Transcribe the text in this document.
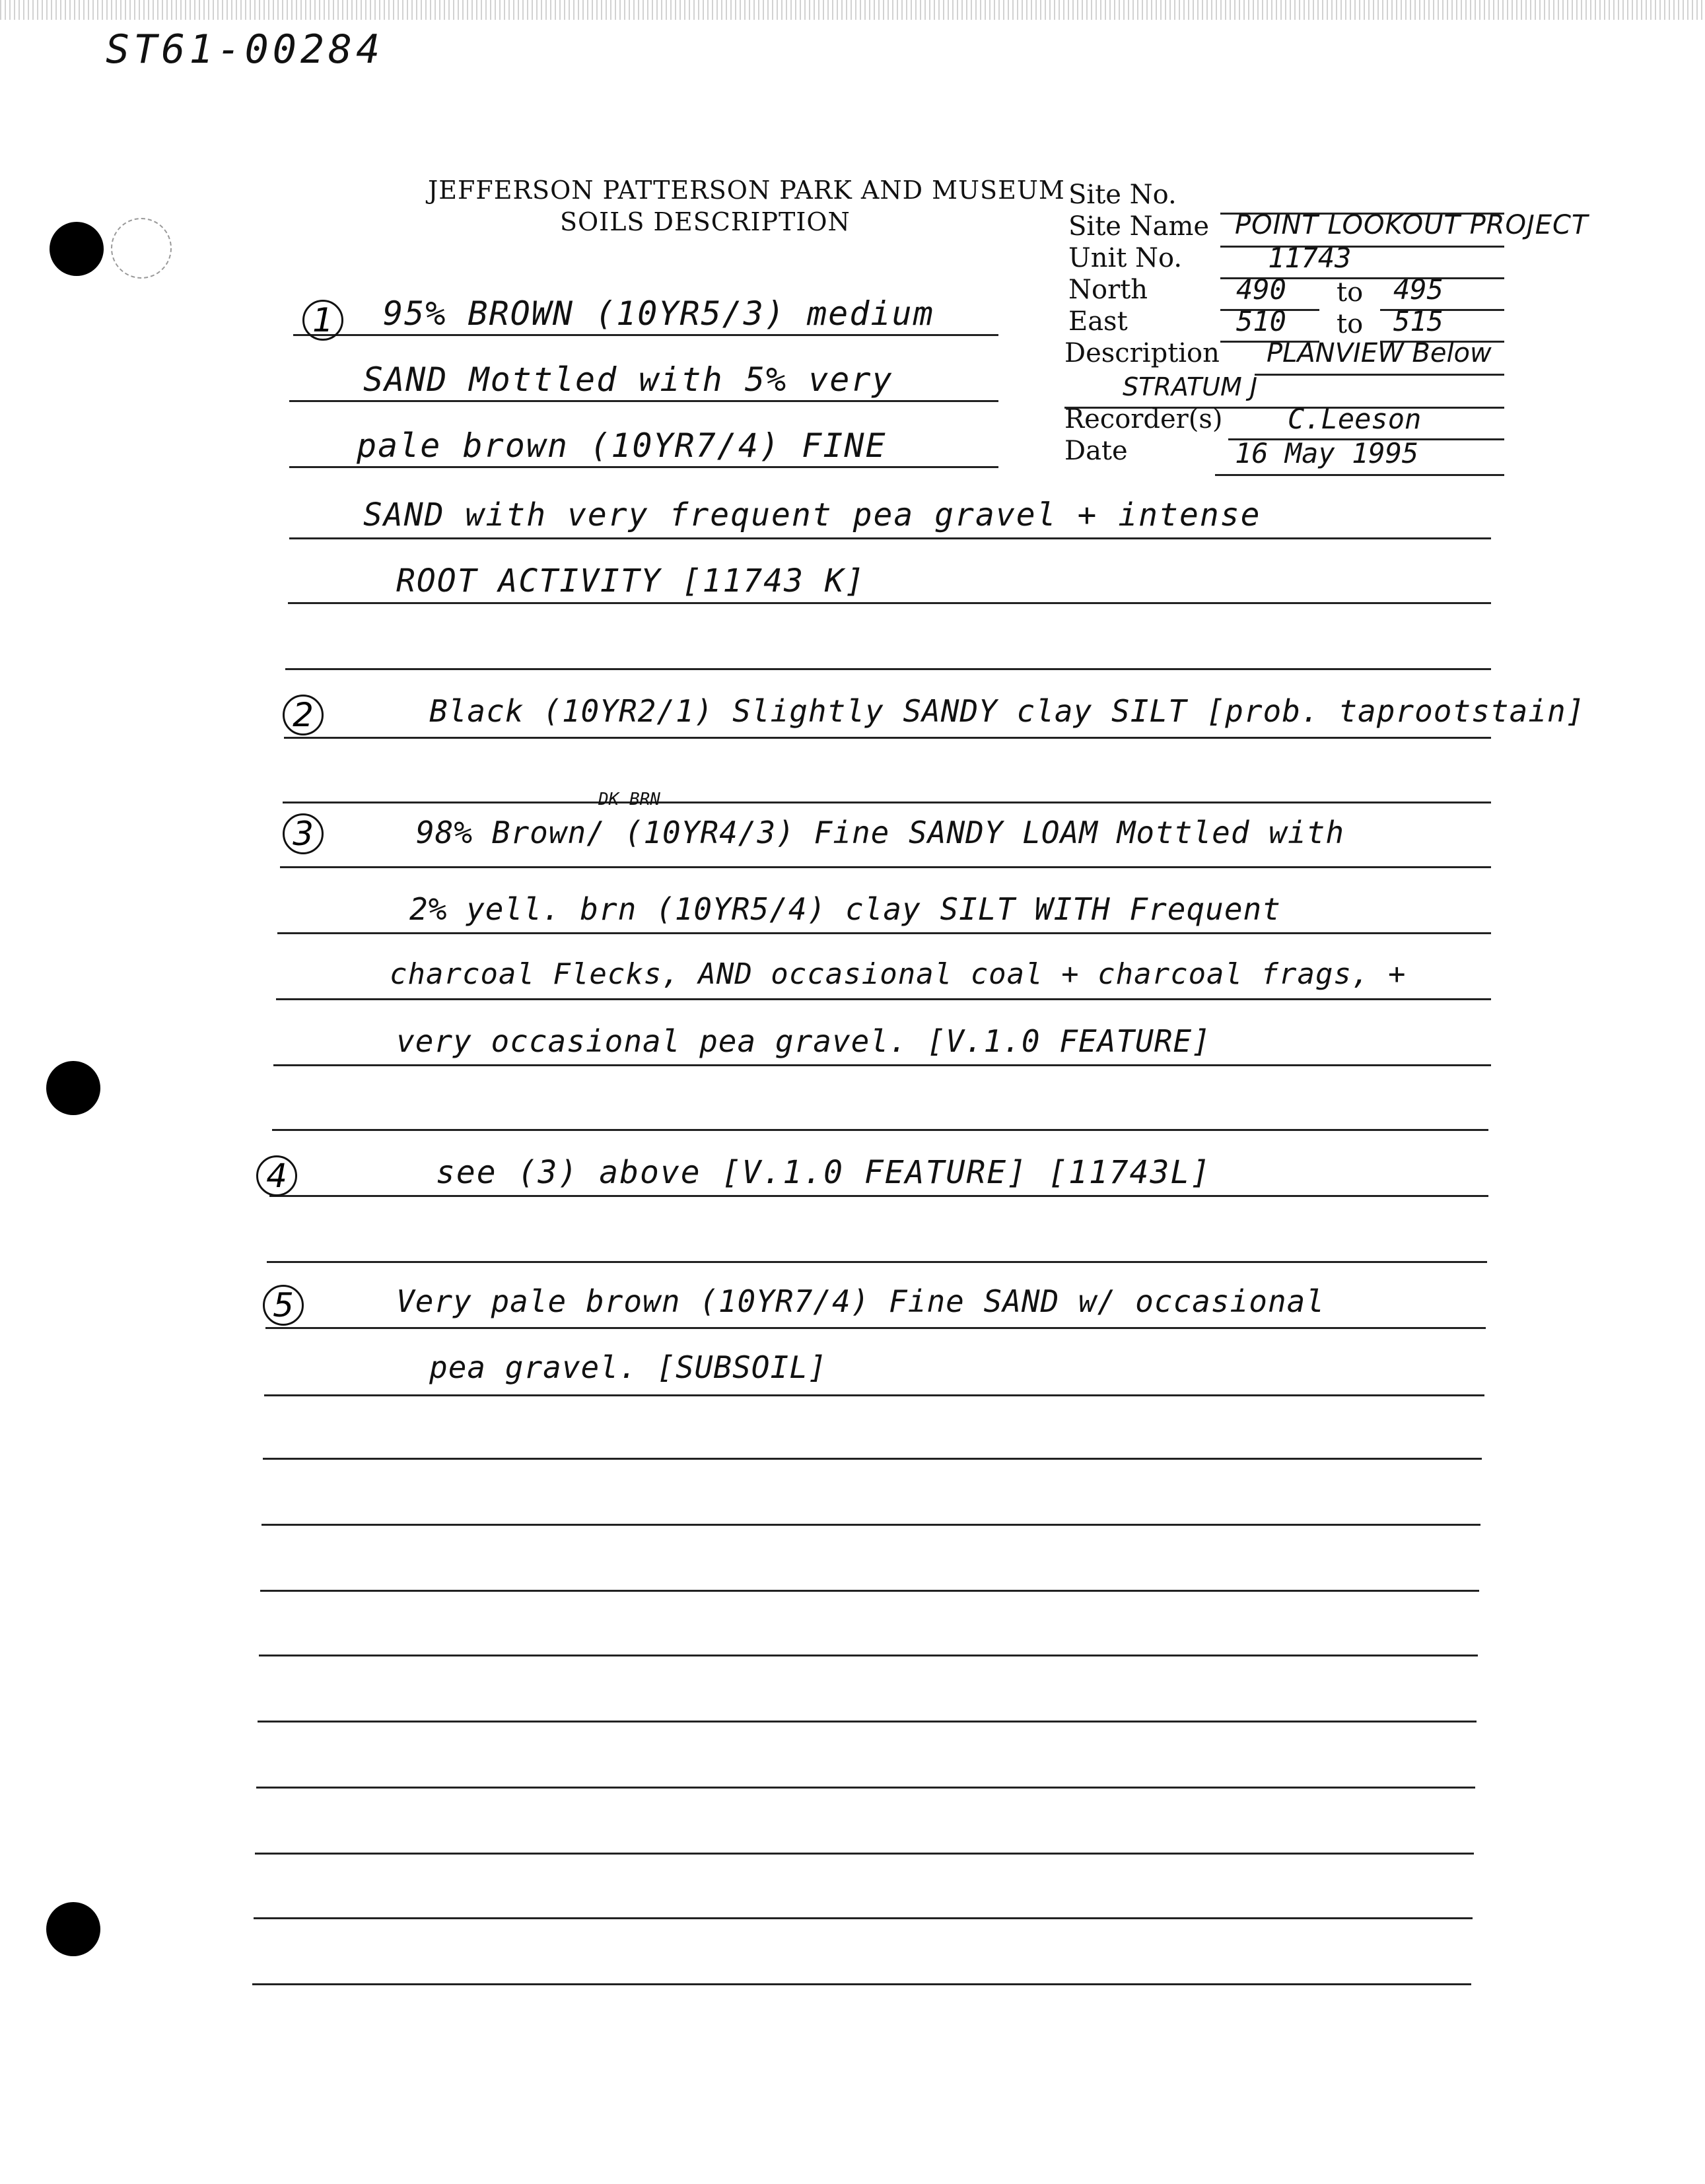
ST61-00284
JEFFERSON PATTERSON PARK AND MUSEUM
SOILS DESCRIPTION
Site No.
Site Name POINT LOOKOUT PROJECT
Unit No.	11743
North	490 to 495
East	510 to 515
Description PLANVIEW Below
STRATUM J
Recorder(s) C.Leeson
Date	16 May 1995
1	95% BROWN (10YR5/3) medium
SAND Mottled with 5% very
pale brown (10YR7/4) FINE
SAND with very frequent pea gravel + intense
ROOT ACTIVITY [11743 K]
2	Black (10YR2/1) Slightly SANDY clay SILT [prob. taprootstain]
3
DK BRN
98% Brown/ (10YR4/3) Fine SANDY LOAM Mottled with
2% yell. brn (10YR5/4) clay SILT WITH Frequent
charcoal Flecks, AND occasional coal + charcoal frags, +
very occasional pea gravel. [V.1.0 FEATURE]
4	see (3) above [V.1.0 FEATURE] [11743L]
5	Very pale brown (10YR7/4) Fine SAND w/ occasional
pea gravel. [SUBSOIL]
